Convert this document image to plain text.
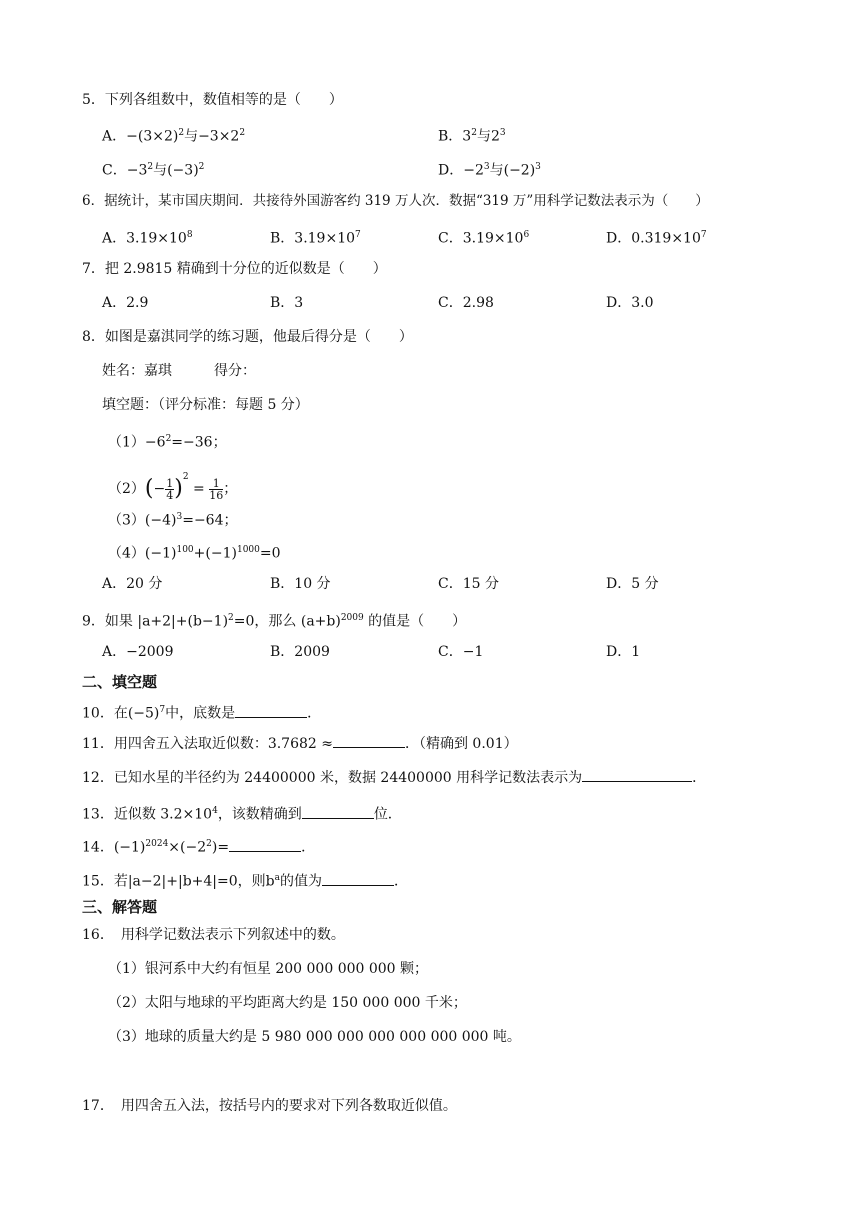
5．下列各组数中，数值相等的是（　　）
A．$-(3\times 2)^2$与$-3\times 2^2$	B．$3^2$与$2^3$
C．$-3^2$与$(-3)^2$	D．$-2^3$与$(-2)^3$
6．据统计，某市国庆期间．共接待外国游客约 319 万人次．数据“319 万”用科学记数法表示为（　　）
A．$3.19\times 10^8$	B．$3.19\times 10^7$	C．$3.19\times 10^6$	D．$0.319\times 10^7$
7．把 2.9815 精确到十分位的近似数是（　　）
A．2.9	B．3	C．2.98	D．3.0
8．如图是嘉淇同学的练习题，他最后得分是（　　）
姓名：嘉琪　　　得分：
填空题：（评分标准：每题 5 分）
$(1)-6^2=-36$；
$(2)(- \frac{1}{4} )^2 = \frac{1}{16}$ ；
$(3)(-4)^3=-64$；
$(4)(-1)^{100}+(-1)^{1000}=0$
A．20 分	B．10 分	C．15 分	D．5 分
9．如果 $|a+2|+(b-1)^2=0$，那么 $(a+b)^{2009}$ 的值是（　　）
A．−2009	B．2009	C．−1	D．1
二、填空题
10．在$(-5)^7$中，底数是	．
11．用四舍五入法取近似数：3.7682 ≈	．（精确到 0.01）
12．已知水星的半径约为 24400000 米，数据 24400000 用科学记数法表示为	．
13．近似数 $3.2\times 10^4$，该数精确到	位．
14．$(-1)^{2024}\times(-2^2)=$	．
15．若|a−2|+|b+4|=0，则$b^a$的值为	．
三、解答题
16．　用科学记数法表示下列叙述中的数。
（1）银河系中大约有恒星 200 000 000 000 颗；
（2）太阳与地球的平均距离大约是 150 000 000 千米；
（3）地球的质量大约是 5 980 000 000 000 000 000 000 吨。
17．　用四舍五入法，按括号内的要求对下列各数取近似值。
